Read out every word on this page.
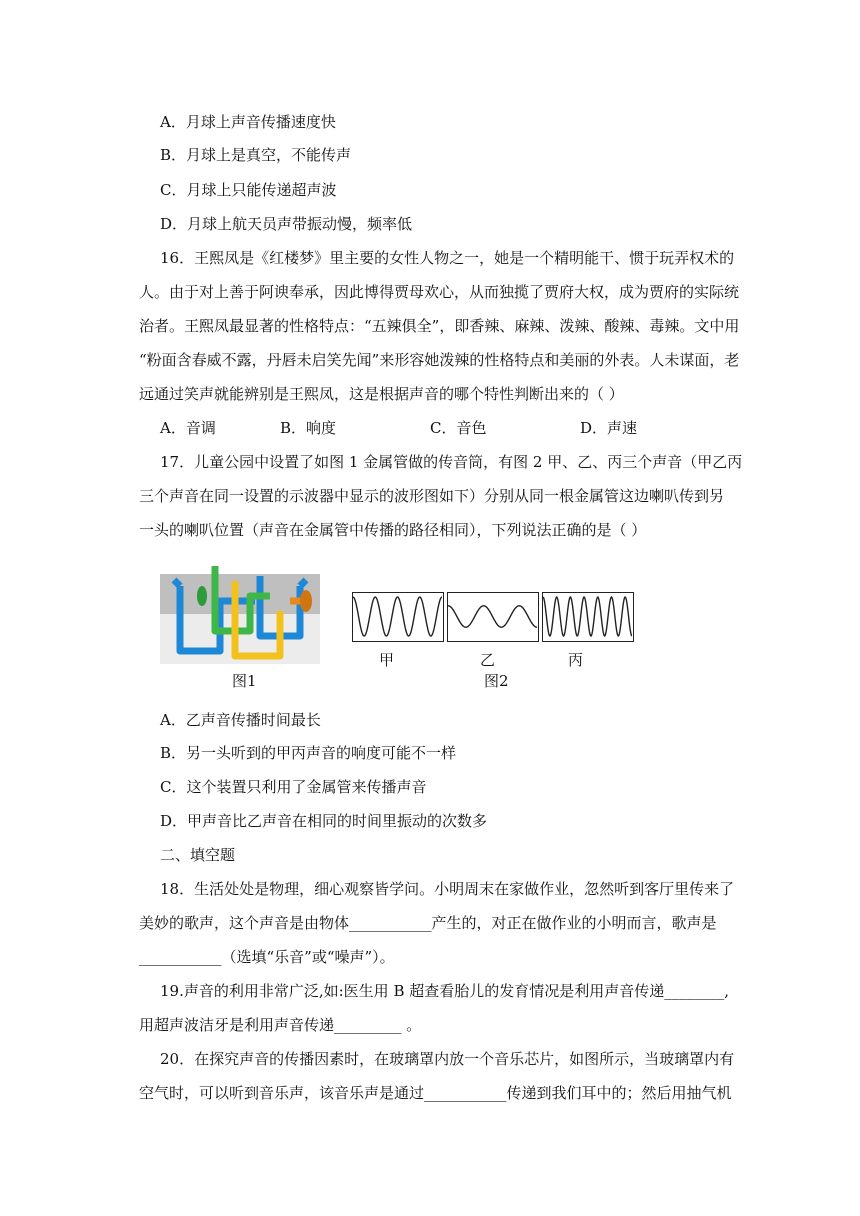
A．月球上声音传播速度快
B．月球上是真空，不能传声
C．月球上只能传递超声波
D．月球上航天员声带振动慢，频率低
16．王熙凤是《红楼梦》里主要的女性人物之一，她是一个精明能干、惯于玩弄权术的
人。由于对上善于阿谀奉承，因此博得贾母欢心，从而独揽了贾府大权，成为贾府的实际统
治者。王熙凤最显著的性格特点：“五辣俱全”，即香辣、麻辣、泼辣、酸辣、毒辣。文中用
“粉面含春威不露，丹唇未启笑先闻”来形容她泼辣的性格特点和美丽的外表。人未谋面，老
远通过笑声就能辨别是王熙凤，这是根据声音的哪个特性判断出来的（ ）
A．音调	B．响度	C．音色	D．声速
17．儿童公园中设置了如图 1 金属管做的传音筒，有图 2 甲、乙、丙三个声音（甲乙丙
三个声音在同一设置的示波器中显示的波形图如下）分别从同一根金属管这边喇叭传到另
一头的喇叭位置（声音在金属管中传播的路径相同），下列说法正确的是（ ）
图1
甲	乙	丙
图2
A．乙声音传播时间最长
B．另一头听到的甲丙声音的响度可能不一样
C．这个装置只利用了金属管来传播声音
D．甲声音比乙声音在相同的时间里振动的次数多
二、填空题
18．生活处处是物理，细心观察皆学问。小明周末在家做作业，忽然听到客厅里传来了
美妙的歌声，这个声音是由物体___________产生的，对正在做作业的小明而言，歌声是
___________（选填“乐音”或“噪声”）。
19.声音的利用非常广泛,如:医生用 B 超查看胎儿的发育情况是利用声音传递________,
用超声波洁牙是利用声音传递_________ 。
20．在探究声音的传播因素时，在玻璃罩内放一个音乐芯片，如图所示，当玻璃罩内有
空气时，可以听到音乐声，该音乐声是通过___________传递到我们耳中的；然后用抽气机
